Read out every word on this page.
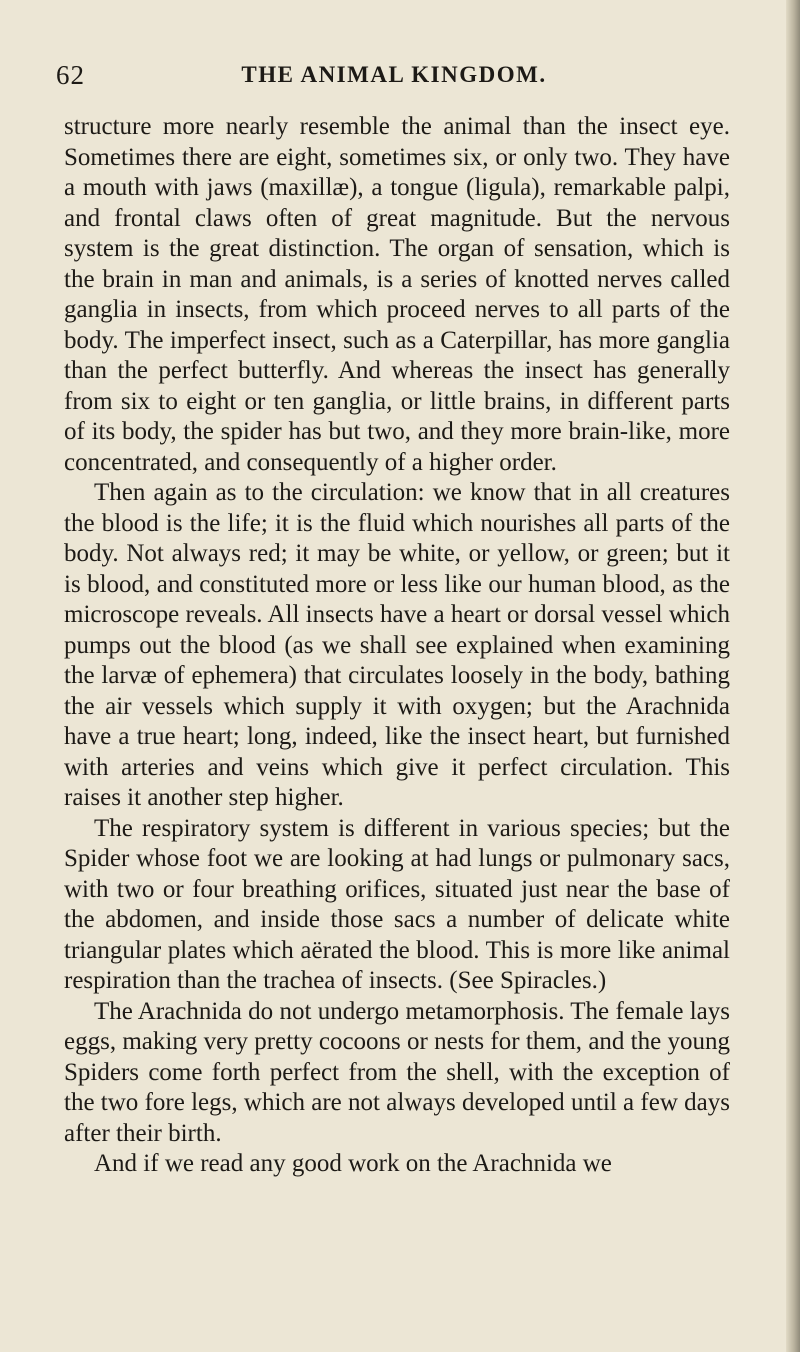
62	THE ANIMAL KINGDOM.

structure more nearly resemble the animal than the insect eye. Sometimes there are eight, sometimes six, or only two. They have a mouth with jaws (maxillæ), a tongue (ligula), remarkable palpi, and frontal claws often of great magnitude. But the nervous system is the great distinction. The organ of sensation, which is the brain in man and animals, is a series of knotted nerves called ganglia in insects, from which proceed nerves to all parts of the body. The imperfect insect, such as a Caterpillar, has more ganglia than the perfect butterfly. And whereas the insect has generally from six to eight or ten ganglia, or little brains, in different parts of its body, the spider has but two, and they more brain-like, more concentrated, and consequently of a higher order.

Then again as to the circulation: we know that in all creatures the blood is the life; it is the fluid which nourishes all parts of the body. Not always red; it may be white, or yellow, or green; but it is blood, and constituted more or less like our human blood, as the microscope reveals. All insects have a heart or dorsal vessel which pumps out the blood (as we shall see explained when examining the larvæ of ephemera) that circulates loosely in the body, bathing the air vessels which supply it with oxygen; but the Arachnida have a true heart; long, indeed, like the insect heart, but furnished with arteries and veins which give it perfect circulation. This raises it another step higher.

The respiratory system is different in various species; but the Spider whose foot we are looking at had lungs or pulmonary sacs, with two or four breathing orifices, situated just near the base of the abdomen, and inside those sacs a number of delicate white triangular plates which aërated the blood. This is more like animal respiration than the trachea of insects. (See Spiracles.)

The Arachnida do not undergo metamorphosis. The female lays eggs, making very pretty cocoons or nests for them, and the young Spiders come forth perfect from the shell, with the exception of the two fore legs, which are not always developed until a few days after their birth.

And if we read any good work on the Arachnida we
